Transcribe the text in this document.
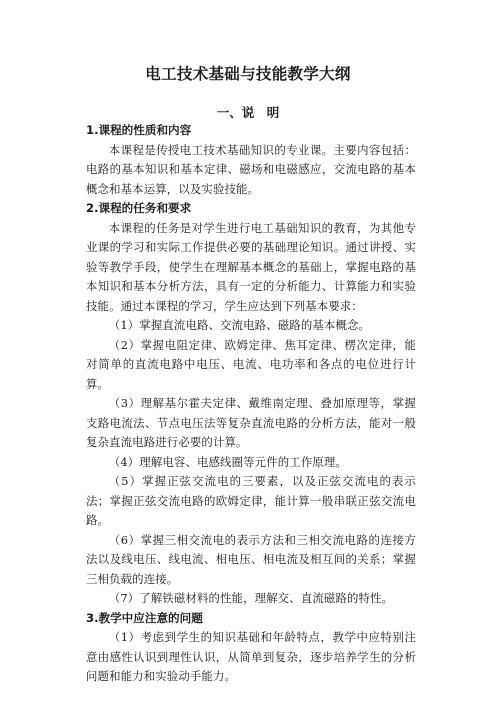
电工技术基础与技能教学大纲
一、说　明
1.课程的性质和内容

本课程是传授电工技术基础知识的专业课。主要内容包括：电路的基本知识和基本定律、磁场和电磁感应，交流电路的基本概念和基本运算，以及实验技能。

2.课程的任务和要求

本课程的任务是对学生进行电工基础知识的教育，为其他专业课的学习和实际工作提供必要的基础理论知识。通过讲授、实验等教学手段，使学生在理解基本概念的基础上，掌握电路的基本知识和基本分析方法，具有一定的分析能力、计算能力和实验技能。通过本课程的学习，学生应达到下列基本要求：

（1）掌握直流电路、交流电路、磁路的基本概念。

（2）掌握电阻定律、欧姆定律、焦耳定律、楞次定律，能对简单的直流电路中电压、电流、电功率和各点的电位进行计算。

（3）理解基尔霍夫定律、戴维南定理、叠加原理等，掌握支路电流法、节点电压法等复杂直流电路的分析方法，能对一般复杂直流电路进行必要的计算。

（4）理解电容、电感线圈等元件的工作原理。

（5）掌握正弦交流电的三要素，以及正弦交流电的表示法；掌握正弦交流电路的欧姆定律，能计算一般串联正弦交流电路。

（6）掌握三相交流电的表示方法和三相交流电路的连接方法以及线电压、线电流、相电压、相电流及相互间的关系；掌握三相负载的连接。

（7）了解铁磁材料的性能，理解交、直流磁路的特性。

3.教学中应注意的问题

（1）考虑到学生的知识基础和年龄特点，教学中应特别注意由感性认识到理性认识，从简单到复杂，逐步培养学生的分析问题和能力和实验动手能力。
